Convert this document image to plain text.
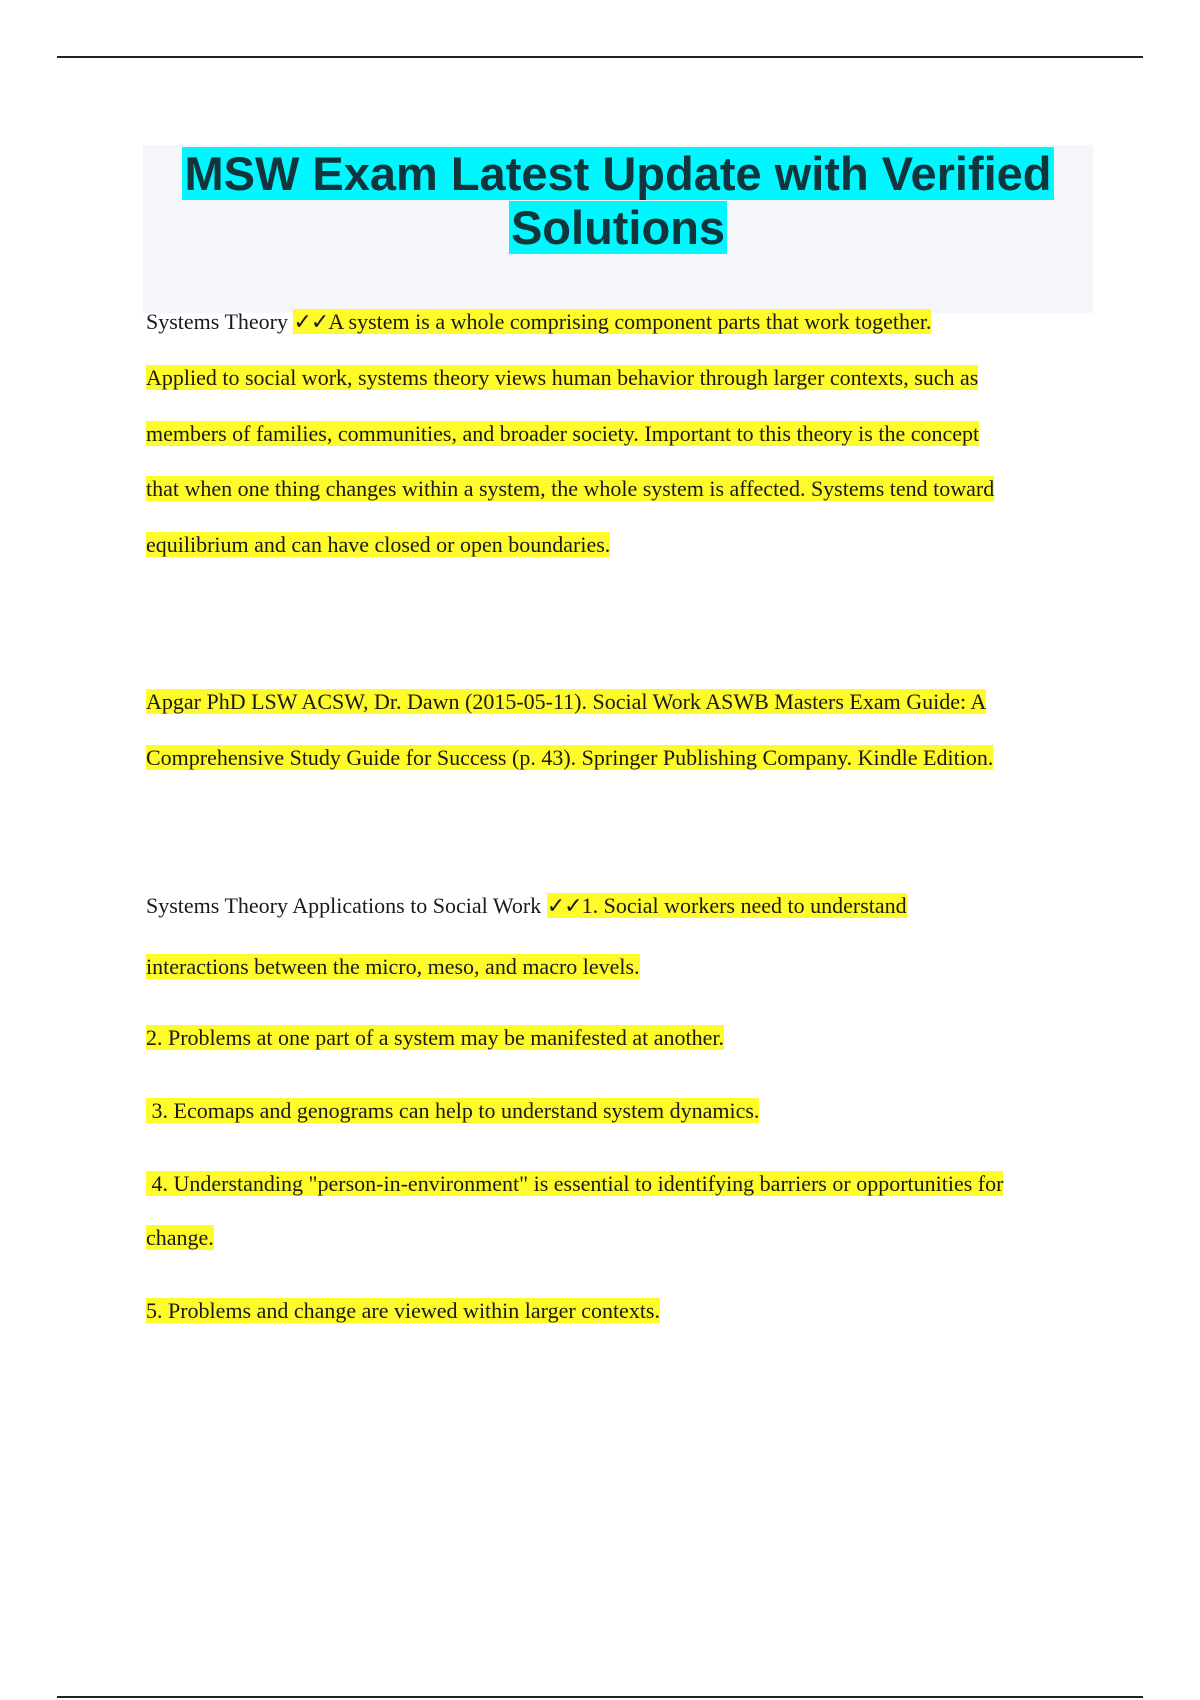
MSW Exam Latest Update with Verified
Solutions

Systems Theory ✓✓A system is a whole comprising component parts that work together.

Applied to social work, systems theory views human behavior through larger contexts, such as

members of families, communities, and broader society. Important to this theory is the concept

that when one thing changes within a system, the whole system is affected. Systems tend toward

equilibrium and can have closed or open boundaries.

Apgar PhD LSW ACSW, Dr. Dawn (2015-05-11). Social Work ASWB Masters Exam Guide: A

Comprehensive Study Guide for Success (p. 43). Springer Publishing Company. Kindle Edition.

Systems Theory Applications to Social Work ✓✓1. Social workers need to understand

interactions between the micro, meso, and macro levels.

2. Problems at one part of a system may be manifested at another.

3. Ecomaps and genograms can help to understand system dynamics.

4. Understanding "person-in-environment" is essential to identifying barriers or opportunities for

change.

5. Problems and change are viewed within larger contexts.
